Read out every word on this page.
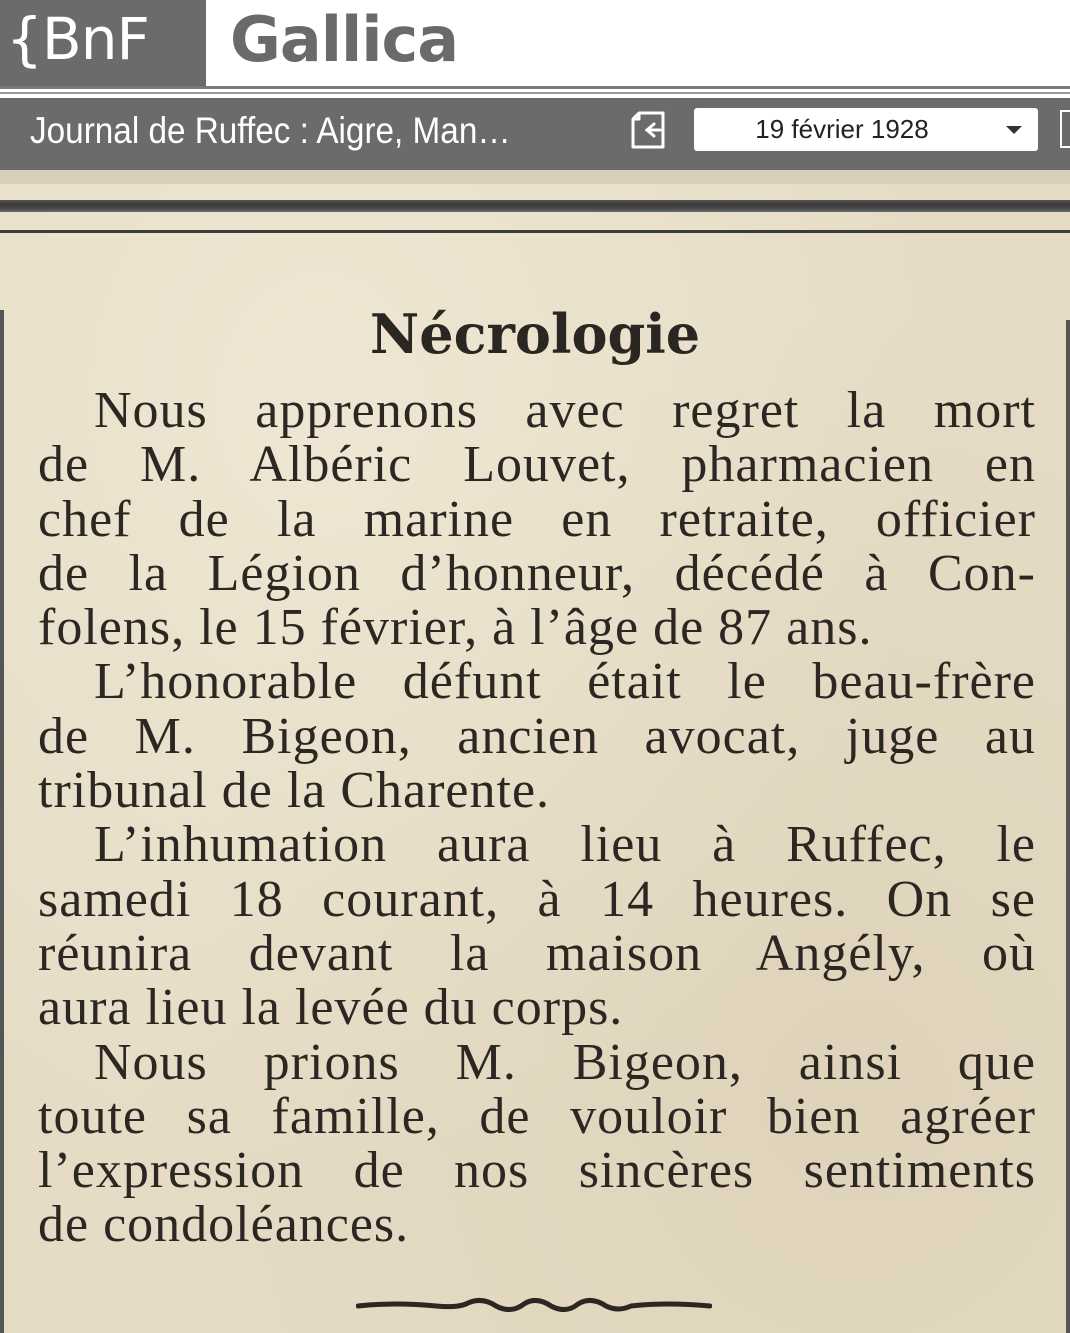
{BnF	Gallica
Journal de Ruffec : Aigre, Man…	19 février 1928
Nécrologie
Nous apprenons avec regret la mort
de M. Albéric Louvet, pharmacien en
chef de la marine en retraite, officier
de la Légion d’honneur, décédé à Con-
folens, le 15 février, à l’âge de 87 ans.
L’honorable défunt était le beau-frère
de M. Bigeon, ancien avocat, juge au
tribunal de la Charente.
L’inhumation aura lieu à Ruffec, le
samedi 18 courant, à 14 heures. On se
réunira devant la maison Angély, où
aura lieu la levée du corps.
Nous prions M. Bigeon, ainsi que
toute sa famille, de vouloir bien agréer
l’expression de nos sincères sentiments
de condoléances.
